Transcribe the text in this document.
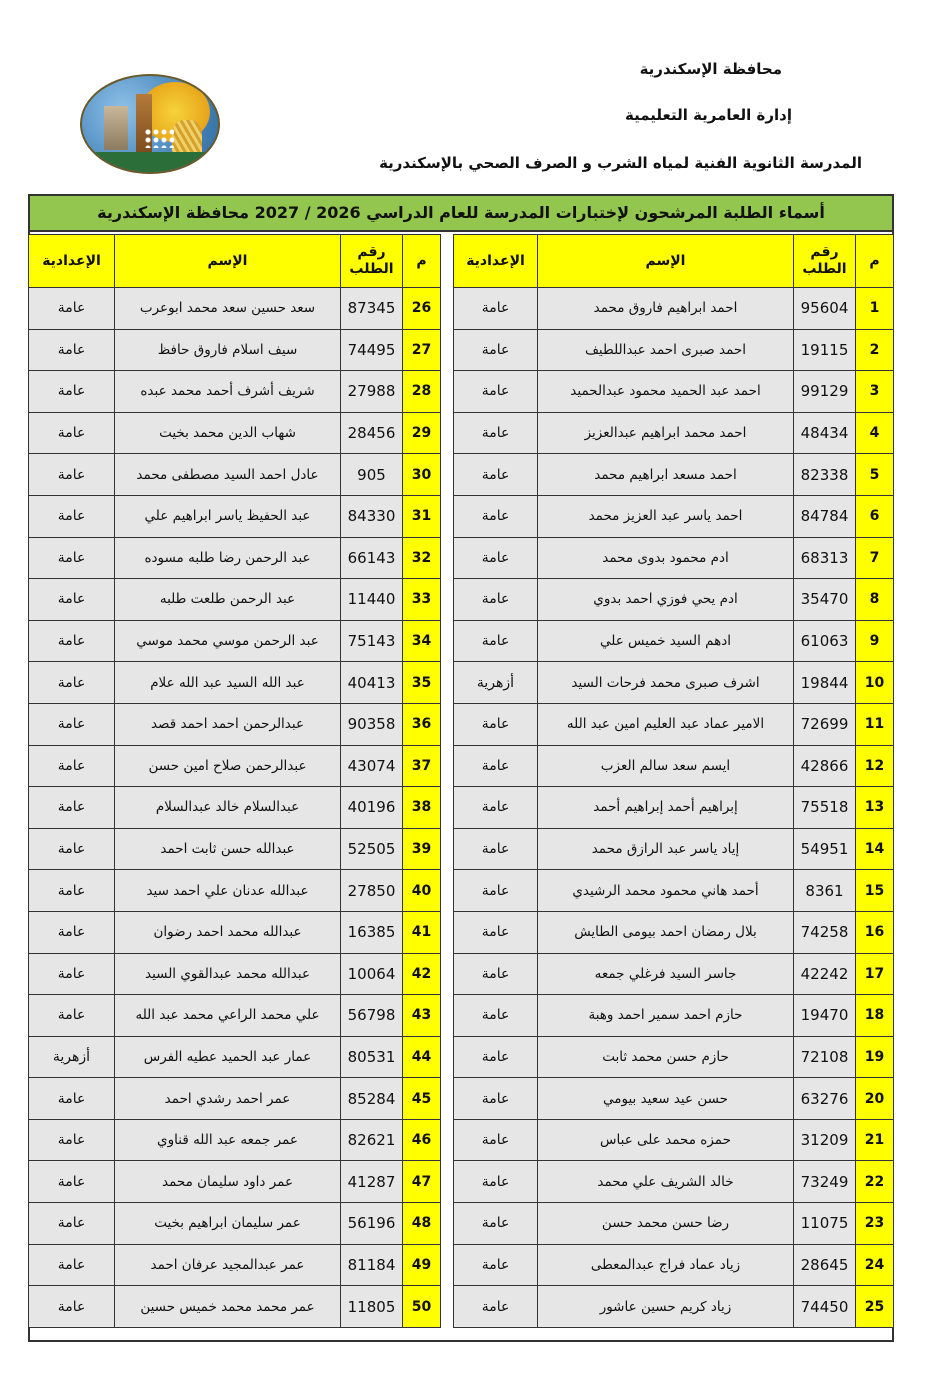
محافظة الإسكندرية
إدارة العامرية التعليمية
المدرسة الثانوية الفنية لمياه الشرب و الصرف الصحي بالإسكندرية
أسماء الطلبة المرشحون لإختبارات المدرسة للعام الدراسي 2026 / 2027 محافظة الإسكندرية
م	رقم
الطلب	الإسم	الإعدادية
1	95604	احمد ابراهيم فاروق محمد	عامة
2	19115	احمد صبرى احمد عبداللطيف	عامة
3	99129	احمد عبد الحميد محمود عبدالحميد	عامة
4	48434	احمد محمد ابراهيم عبدالعزيز	عامة
5	82338	احمد مسعد ابراهيم محمد	عامة
6	84784	احمد ياسر عبد العزيز محمد	عامة
7	68313	ادم محمود بدوى محمد	عامة
8	35470	ادم يحي فوزي احمد بدوي	عامة
9	61063	ادهم السيد خميس علي	عامة
10	19844	اشرف صبرى محمد فرحات السيد	أزهرية
11	72699	الامير عماد عبد العليم امين عبد الله	عامة
12	42866	ايسم سعد سالم العزب	عامة
13	75518	إبراهيم أحمد إبراهيم أحمد	عامة
14	54951	إياد ياسر عبد الرازق محمد	عامة
15	8361	أحمد هاني محمود محمد الرشيدي	عامة
16	74258	بلال رمضان احمد بيومى الطايش	عامة
17	42242	جاسر السيد فرغلي جمعه	عامة
18	19470	حازم احمد سمير احمد وهبة	عامة
19	72108	حازم حسن محمد ثابت	عامة
20	63276	حسن عيد سعيد بيومي	عامة
21	31209	حمزه محمد على عباس	عامة
22	73249	خالد الشريف علي محمد	عامة
23	11075	رضا حسن محمد حسن	عامة
24	28645	زياد عماد فراج عبدالمعطى	عامة
25	74450	زياد كريم حسين عاشور	عامة
م	رقم
الطلب	الإسم	الإعدادية
26	87345	سعد حسين سعد محمد ابوعرب	عامة
27	74495	سيف اسلام فاروق حافظ	عامة
28	27988	شريف أشرف أحمد محمد عبده	عامة
29	28456	شهاب الدين محمد بخيت	عامة
30	905	عادل احمد السيد مصطفى محمد	عامة
31	84330	عبد الحفيظ ياسر ابراهيم علي	عامة
32	66143	عبد الرحمن رضا طلبه مسوده	عامة
33	11440	عبد الرحمن طلعت طلبه	عامة
34	75143	عبد الرحمن موسي محمد موسي	عامة
35	40413	عبد الله السيد عبد الله علام	عامة
36	90358	عبدالرحمن احمد احمد قصد	عامة
37	43074	عبدالرحمن صلاح امين حسن	عامة
38	40196	عبدالسلام خالد عبدالسلام	عامة
39	52505	عبدالله حسن ثابت احمد	عامة
40	27850	عبدالله عدنان علي احمد سيد	عامة
41	16385	عبدالله محمد احمد رضوان	عامة
42	10064	عبدالله محمد عبدالقوي السيد	عامة
43	56798	علي محمد الراعي محمد عبد الله	عامة
44	80531	عمار عبد الحميد عطيه الفرس	أزهرية
45	85284	عمر احمد رشدي احمد	عامة
46	82621	عمر جمعه عبد الله قناوي	عامة
47	41287	عمر داود سليمان محمد	عامة
48	56196	عمر سليمان ابراهيم بخيت	عامة
49	81184	عمر عبدالمجيد عرفان احمد	عامة
50	11805	عمر محمد محمد خميس حسين	عامة
